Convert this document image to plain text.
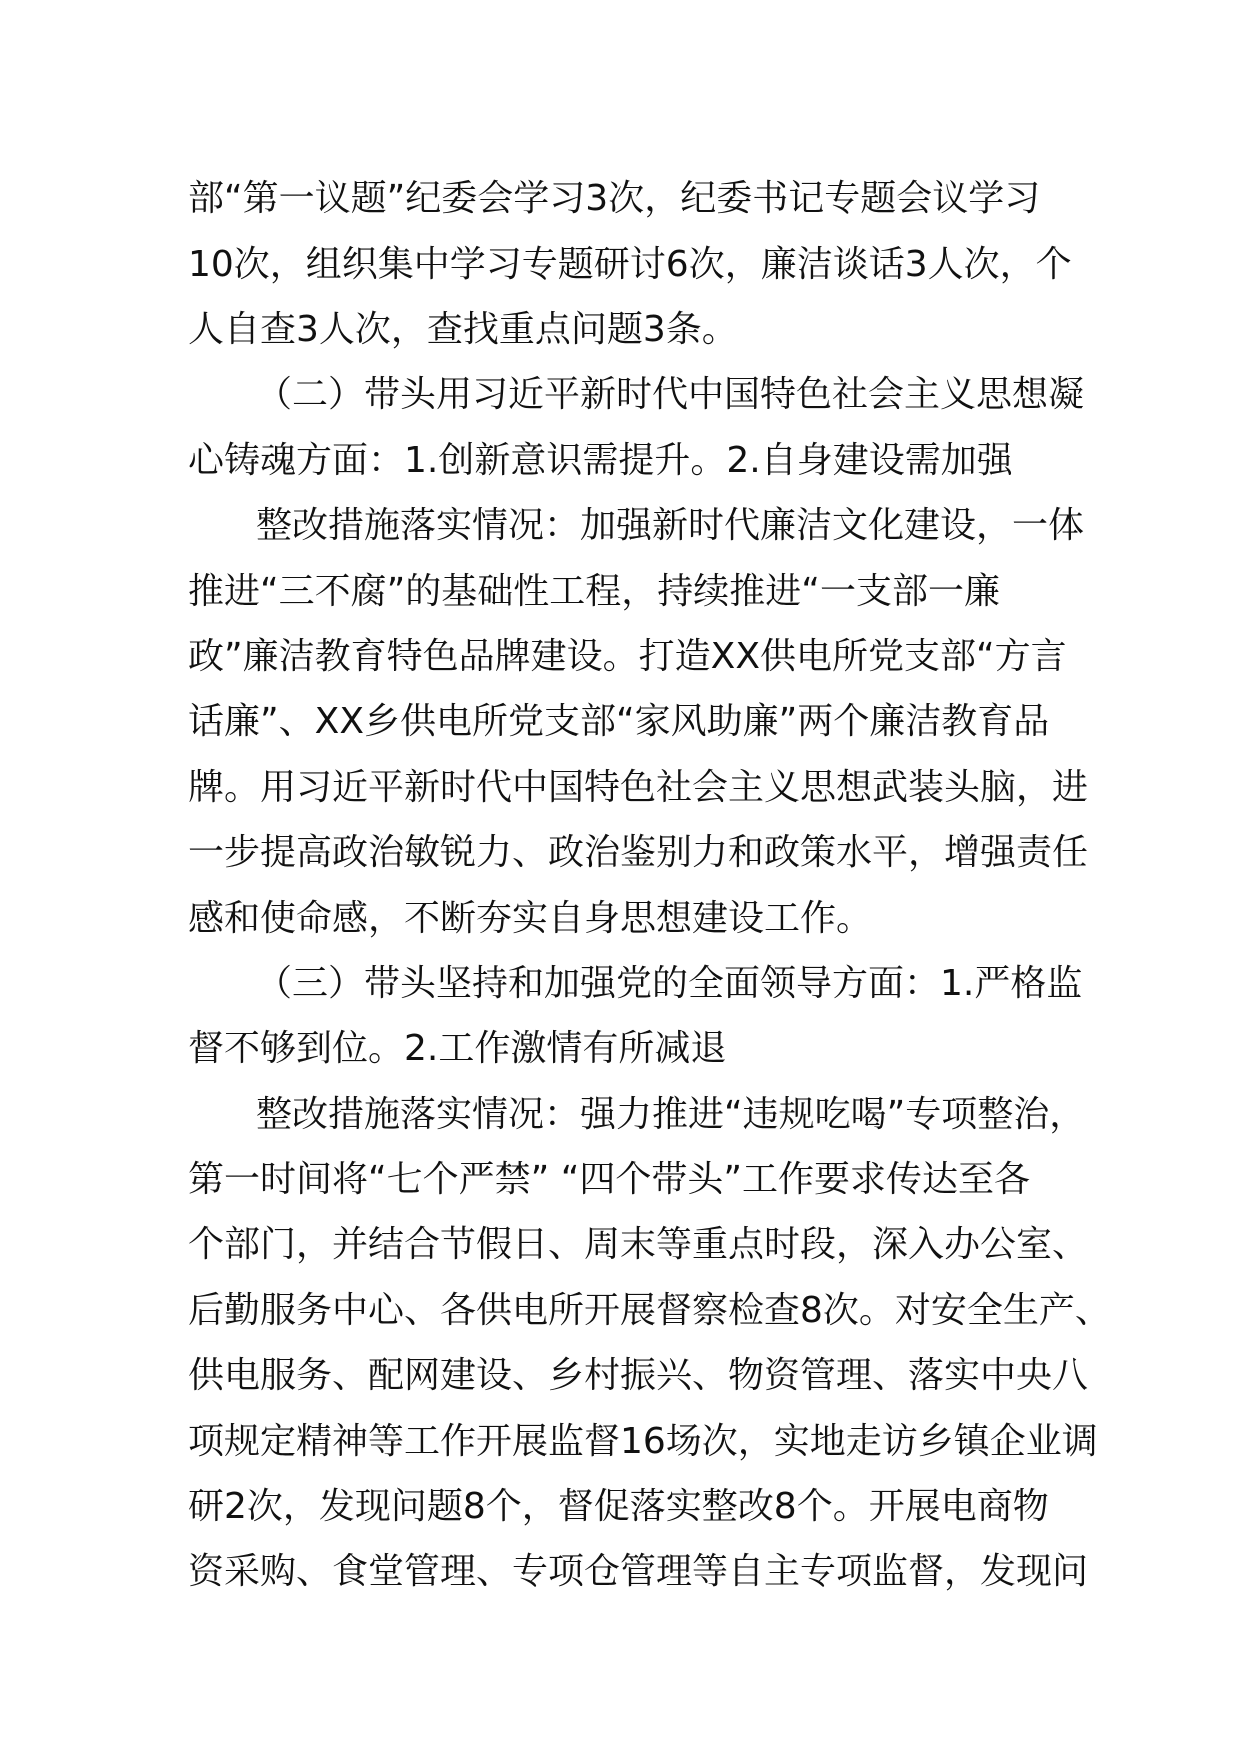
部“第一议题”纪委会学习3次，纪委书记专题会议学习

10次，组织集中学习专题研讨6次，廉洁谈话3人次，个

人自查3人次，查找重点问题3条。

（二）带头用习近平新时代中国特色社会主义思想凝

心铸魂方面：1.创新意识需提升。2.自身建设需加强

整改措施落实情况：加强新时代廉洁文化建设，一体

推进“三不腐”的基础性工程，持续推进“一支部一廉

政”廉洁教育特色品牌建设。打造XX供电所党支部“方言

话廉”、XX乡供电所党支部“家风助廉”两个廉洁教育品

牌。用习近平新时代中国特色社会主义思想武装头脑，进

一步提高政治敏锐力、政治鉴别力和政策水平，增强责任

感和使命感，不断夯实自身思想建设工作。

（三）带头坚持和加强党的全面领导方面：1.严格监

督不够到位。2.工作激情有所减退

整改措施落实情况：强力推进“违规吃喝”专项整治，

第一时间将“七个严禁” “四个带头”工作要求传达至各

个部门，并结合节假日、周末等重点时段，深入办公室、

后勤服务中心、各供电所开展督察检查8次。对安全生产、

供电服务、配网建设、乡村振兴、物资管理、落实中央八

项规定精神等工作开展监督16场次，实地走访乡镇企业调

研2次，发现问题8个，督促落实整改8个。开展电商物

资采购、食堂管理、专项仓管理等自主专项监督，发现问
